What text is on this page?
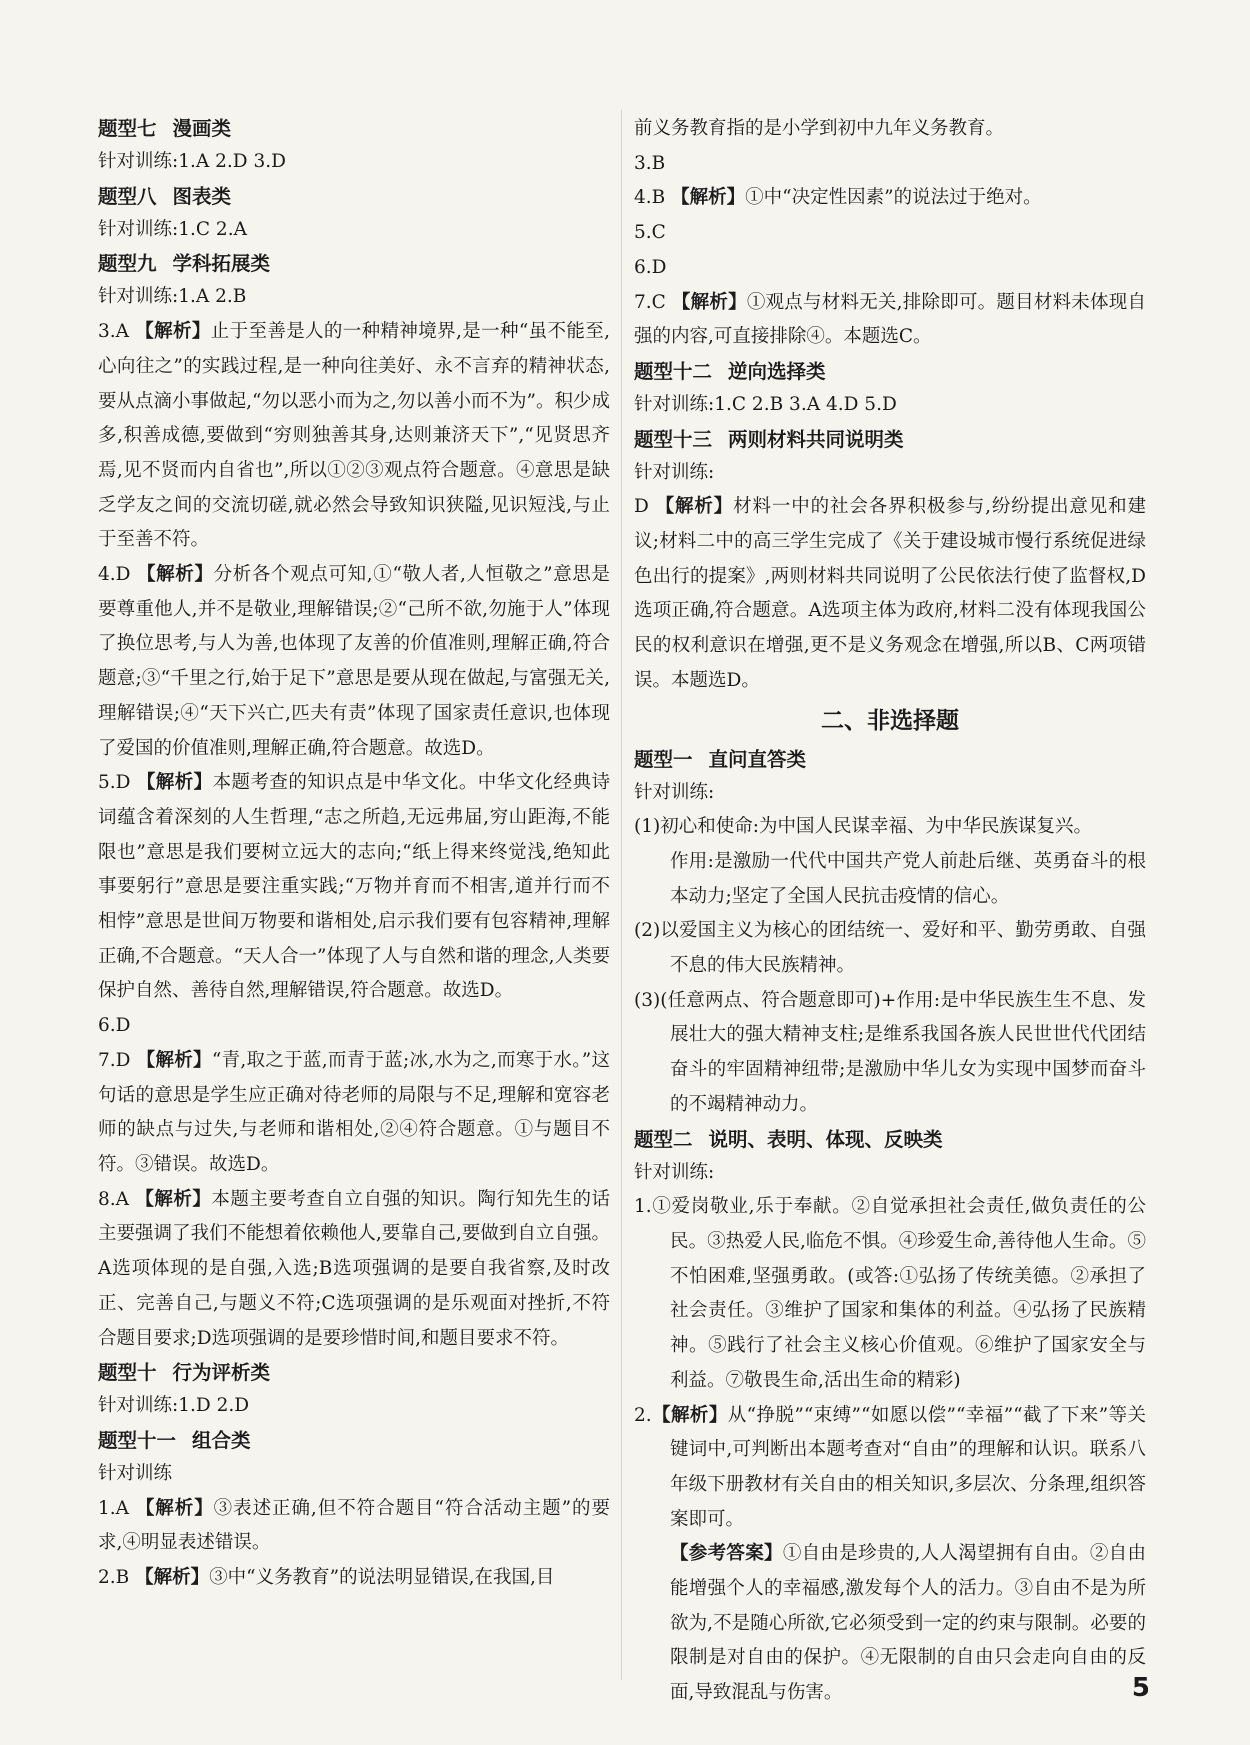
题型七 漫画类

针对训练:1.A 2.D 3.D

题型八 图表类

针对训练:1.C 2.A

题型九 学科拓展类

针对训练:1.A 2.B

3.A 【解析】止于至善是人的一种精神境界,是一种“虽不能至,心向往之”的实践过程,是一种向往美好、永不言弃的精神状态,要从点滴小事做起,“勿以恶小而为之,勿以善小而不为”。积少成多,积善成德,要做到“穷则独善其身,达则兼济天下”,“见贤思齐焉,见不贤而内自省也”,所以①②③观点符合题意。④意思是缺乏学友之间的交流切磋,就必然会导致知识狭隘,见识短浅,与止于至善不符。

4.D 【解析】分析各个观点可知,①“敬人者,人恒敬之”意思是要尊重他人,并不是敬业,理解错误;②“己所不欲,勿施于人”体现了换位思考,与人为善,也体现了友善的价值准则,理解正确,符合题意;③“千里之行,始于足下”意思是要从现在做起,与富强无关,理解错误;④“天下兴亡,匹夫有责”体现了国家责任意识,也体现了爱国的价值准则,理解正确,符合题意。故选D。

5.D 【解析】本题考查的知识点是中华文化。中华文化经典诗词蕴含着深刻的人生哲理,“志之所趋,无远弗届,穷山距海,不能限也”意思是我们要树立远大的志向;“纸上得来终觉浅,绝知此事要躬行”意思是要注重实践;“万物并育而不相害,道并行而不相悖”意思是世间万物要和谐相处,启示我们要有包容精神,理解正确,不合题意。“天人合一”体现了人与自然和谐的理念,人类要保护自然、善待自然,理解错误,符合题意。故选D。

6.D

7.D 【解析】“青,取之于蓝,而青于蓝;冰,水为之,而寒于水。”这句话的意思是学生应正确对待老师的局限与不足,理解和宽容老师的缺点与过失,与老师和谐相处,②④符合题意。①与题目不符。③错误。故选D。

8.A 【解析】本题主要考查自立自强的知识。陶行知先生的话主要强调了我们不能想着依赖他人,要靠自己,要做到自立自强。A选项体现的是自强,入选;B选项强调的是要自我省察,及时改正、完善自己,与题义不符;C选项强调的是乐观面对挫折,不符合题目要求;D选项强调的是要珍惜时间,和题目要求不符。

题型十 行为评析类

针对训练:1.D 2.D

题型十一 组合类

针对训练

1.A 【解析】③表述正确,但不符合题目“符合活动主题”的要求,④明显表述错误。

2.B 【解析】③中“义务教育”的说法明显错误,在我国,目

前义务教育指的是小学到初中九年义务教育。

3.B

4.B 【解析】①中“决定性因素”的说法过于绝对。

5.C

6.D

7.C 【解析】①观点与材料无关,排除即可。题目材料未体现自强的内容,可直接排除④。本题选C。

题型十二 逆向选择类

针对训练:1.C 2.B 3.A 4.D 5.D

题型十三 两则材料共同说明类

针对训练:

D 【解析】材料一中的社会各界积极参与,纷纷提出意见和建议;材料二中的高三学生完成了《关于建设城市慢行系统促进绿色出行的提案》,两则材料共同说明了公民依法行使了监督权,D选项正确,符合题意。A选项主体为政府,材料二没有体现我国公民的权利意识在增强,更不是义务观念在增强,所以B、C两项错误。本题选D。

二、非选择题
题型一 直问直答类

针对训练:

(1)初心和使命:为中国人民谋幸福、为中华民族谋复兴。

作用:是激励一代代中国共产党人前赴后继、英勇奋斗的根本动力;坚定了全国人民抗击疫情的信心。

(2)以爱国主义为核心的团结统一、爱好和平、勤劳勇敢、自强不息的伟大民族精神。

(3)(任意两点、符合题意即可)+作用:是中华民族生生不息、发展壮大的强大精神支柱;是维系我国各族人民世世代代团结奋斗的牢固精神纽带;是激励中华儿女为实现中国梦而奋斗的不竭精神动力。

题型二 说明、表明、体现、反映类

针对训练:

1.①爱岗敬业,乐于奉献。②自觉承担社会责任,做负责任的公民。③热爱人民,临危不惧。④珍爱生命,善待他人生命。⑤不怕困难,坚强勇敢。(或答:①弘扬了传统美德。②承担了社会责任。③维护了国家和集体的利益。④弘扬了民族精神。⑤践行了社会主义核心价值观。⑥维护了国家安全与利益。⑦敬畏生命,活出生命的精彩)

2.【解析】从“挣脱”“束缚”“如愿以偿”“幸福”“截了下来”等关键词中,可判断出本题考查对“自由”的理解和认识。联系八年级下册教材有关自由的相关知识,多层次、分条理,组织答案即可。

【参考答案】①自由是珍贵的,人人渴望拥有自由。②自由能增强个人的幸福感,激发每个人的活力。③自由不是为所欲为,不是随心所欲,它必须受到一定的约束与限制。必要的限制是对自由的保护。④无限制的自由只会走向自由的反面,导致混乱与伤害。	5
